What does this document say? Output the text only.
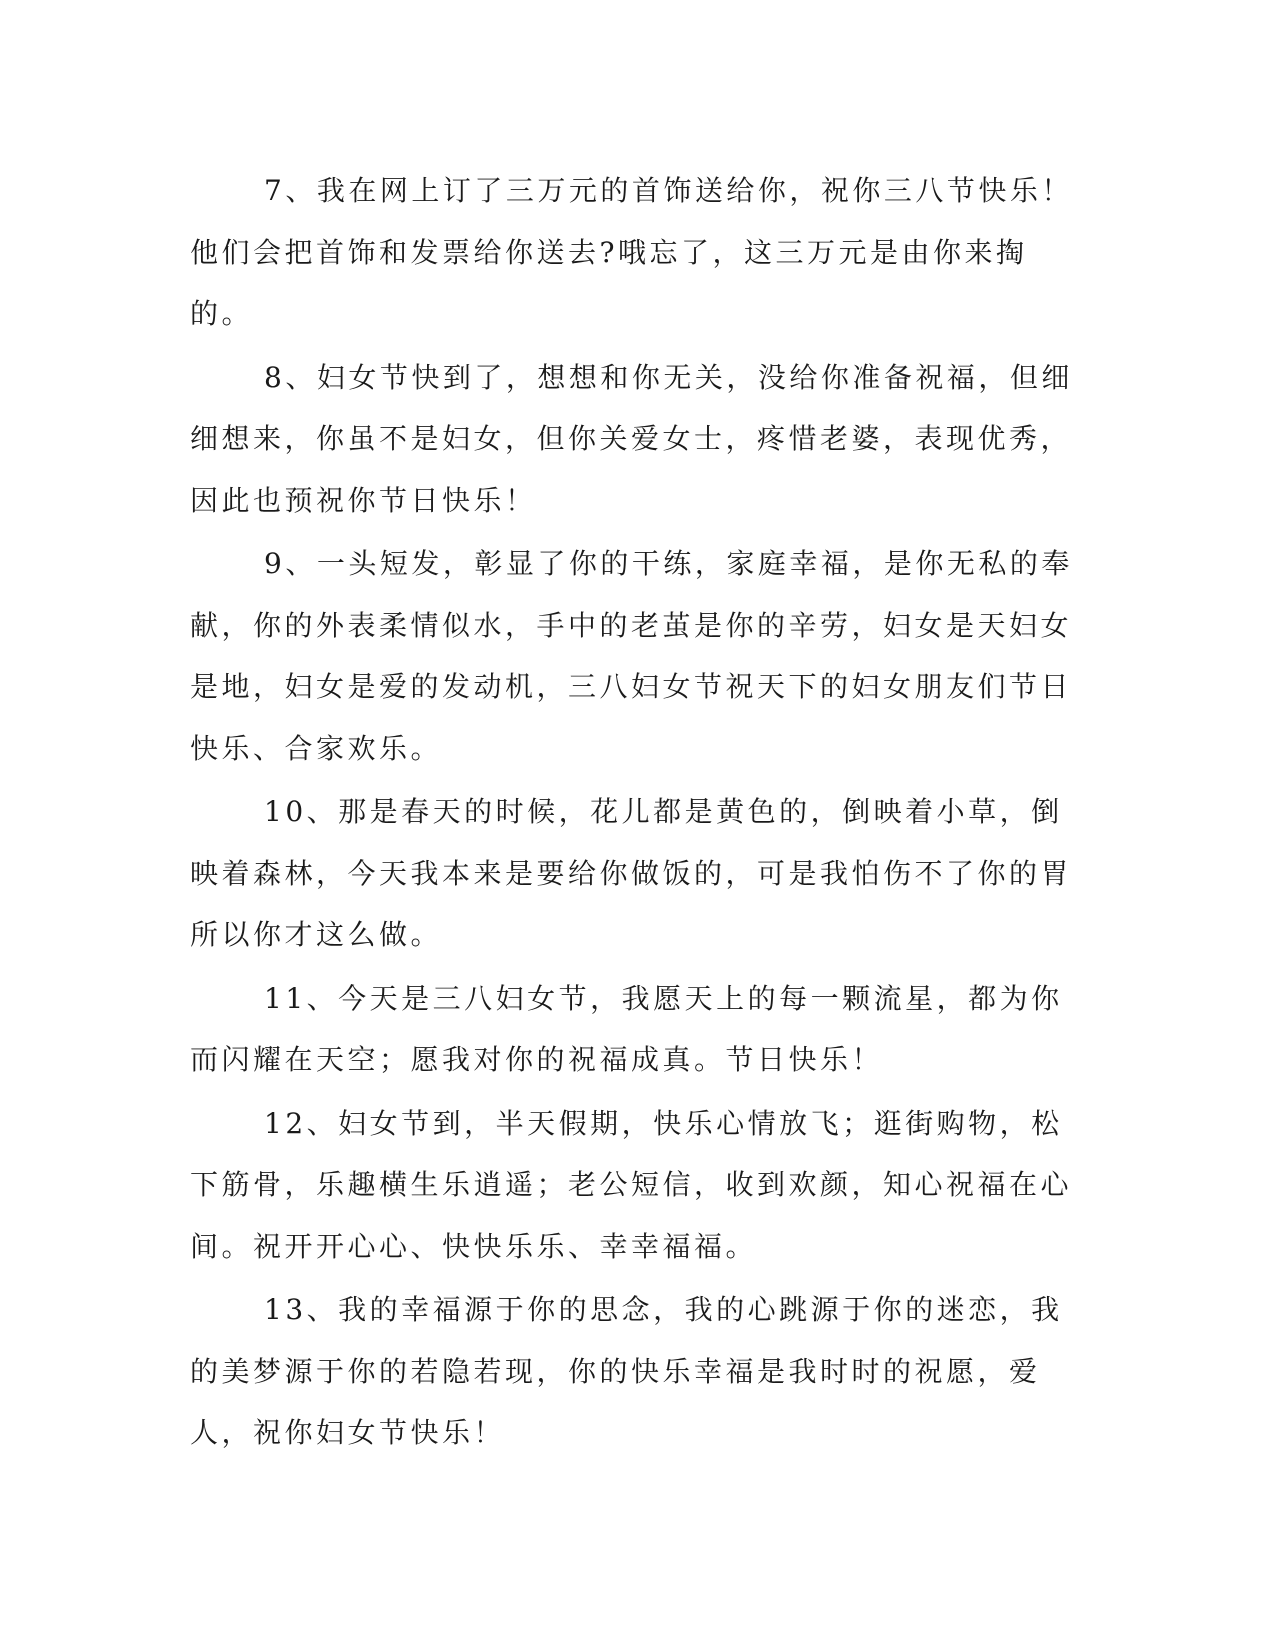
7、我在网上订了三万元的首饰送给你，祝你三八节快乐！他们会把首饰和发票给你送去?哦忘了，这三万元是由你来掏的。

8、妇女节快到了，想想和你无关，没给你准备祝福，但细细想来，你虽不是妇女，但你关爱女士，疼惜老婆，表现优秀，因此也预祝你节日快乐！

9、一头短发，彰显了你的干练，家庭幸福，是你无私的奉献，你的外表柔情似水，手中的老茧是你的辛劳，妇女是天妇女是地，妇女是爱的发动机，三八妇女节祝天下的妇女朋友们节日快乐、合家欢乐。

10、那是春天的时候，花儿都是黄色的，倒映着小草，倒映着森林，今天我本来是要给你做饭的，可是我怕伤不了你的胃所以你才这么做。

11、今天是三八妇女节，我愿天上的每一颗流星，都为你而闪耀在天空；愿我对你的祝福成真。节日快乐！

12、妇女节到，半天假期，快乐心情放飞；逛街购物，松下筋骨，乐趣横生乐逍遥；老公短信，收到欢颜，知心祝福在心间。祝开开心心、快快乐乐、幸幸福福。

13、我的幸福源于你的思念，我的心跳源于你的迷恋，我的美梦源于你的若隐若现，你的快乐幸福是我时时的祝愿，爱人，祝你妇女节快乐！
